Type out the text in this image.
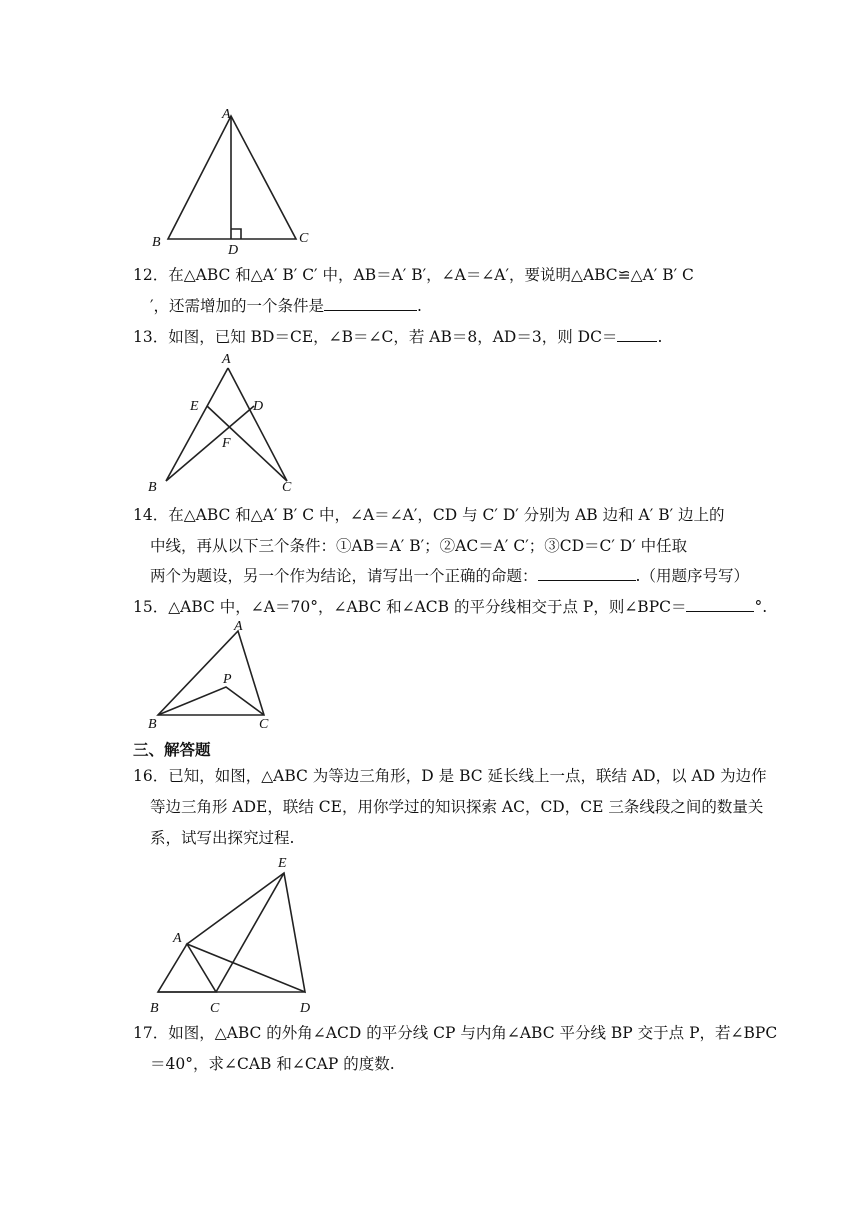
A
B	C
D
12．在△ABC 和△A′ B′ C′ 中，AB＝A′ B′，∠A＝∠A′，要说明△ABC≌△A′ B′ C
′，还需增加的一个条件是	.
13．如图，已知 BD＝CE，∠B＝∠C，若 AB＝8，AD＝3，则 DC＝	.
A
E	D
F
B	C
14．在△ABC 和△A′ B′ C 中，∠A＝∠A′，CD 与 C′ D′ 分别为 AB 边和 A′ B′ 边上的
中线，再从以下三个条件：①AB＝A′ B′；②AC＝A′ C′；③CD＝C′ D′ 中任取
两个为题设，另一个作为结论，请写出一个正确的命题：	.（用题序号写）
15．△ABC 中，∠A＝70°，∠ABC 和∠ACB 的平分线相交于点 P，则∠BPC＝	°.
A
P
B	C
三、解答题
16．已知，如图，△ABC 为等边三角形，D 是 BC 延长线上一点，联结 AD，以 AD 为边作
等边三角形 ADE，联结 CE，用你学过的知识探索 AC，CD，CE 三条线段之间的数量关
系，试写出探究过程.
E
A
B	C	D
17．如图，△ABC 的外角∠ACD 的平分线 CP 与内角∠ABC 平分线 BP 交于点 P，若∠BPC
＝40°，求∠CAB 和∠CAP 的度数.
